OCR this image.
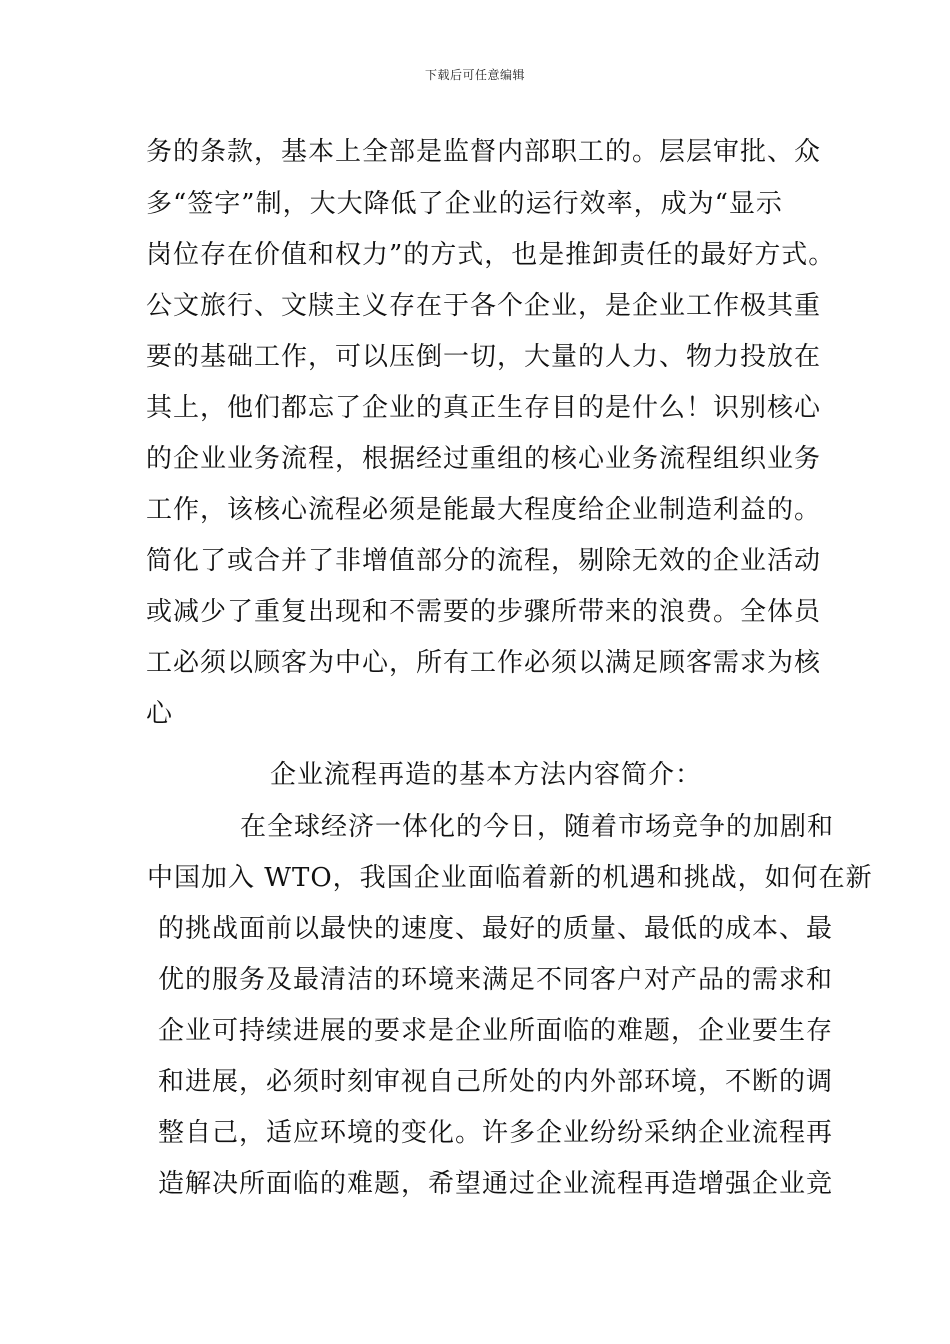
下载后可任意编辑
务的条款，基本上全部是监督内部职工的。层层审批、众
多“签字”制，大大降低了企业的运行效率，成为“显示
岗位存在价值和权力”的方式，也是推卸责任的最好方式。
公文旅行、文牍主义存在于各个企业，是企业工作极其重
要的基础工作，可以压倒一切，大量的人力、物力投放在
其上，他们都忘了企业的真正生存目的是什么！识别核心
的企业业务流程，根据经过重组的核心业务流程组织业务
工作，该核心流程必须是能最大程度给企业制造利益的。
简化了或合并了非增值部分的流程，剔除无效的企业活动
或减少了重复出现和不需要的步骤所带来的浪费。全体员
工必须以顾客为中心，所有工作必须以满足顾客需求为核
心
企业流程再造的基本方法内容简介：
在全球经济一体化的今日，随着市场竞争的加剧和
中国加入 WTO，我国企业面临着新的机遇和挑战，如何在新
的挑战面前以最快的速度、最好的质量、最低的成本、最
优的服务及最清洁的环境来满足不同客户对产品的需求和
企业可持续进展的要求是企业所面临的难题，企业要生存
和进展，必须时刻审视自己所处的内外部环境，不断的调
整自己，适应环境的变化。许多企业纷纷采纳企业流程再
造解决所面临的难题，希望通过企业流程再造增强企业竞
